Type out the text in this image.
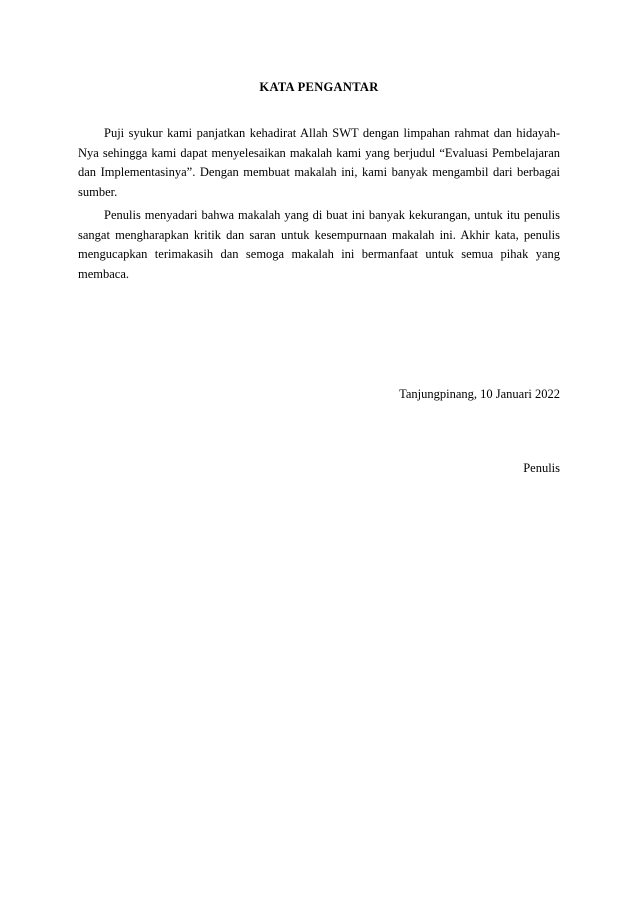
KATA PENGANTAR

Puji syukur kami panjatkan kehadirat Allah SWT dengan limpahan rahmat dan hidayah-Nya sehingga kami dapat menyelesaikan makalah kami yang berjudul “Evaluasi Pembelajaran dan Implementasinya”. Dengan membuat makalah ini, kami banyak mengambil dari berbagai sumber.

Penulis menyadari bahwa makalah yang di buat ini banyak kekurangan, untuk itu penulis sangat mengharapkan kritik dan saran untuk kesempurnaan makalah ini. Akhir kata, penulis mengucapkan terimakasih dan semoga makalah ini bermanfaat untuk semua pihak yang membaca.

Tanjungpinang, 10 Januari 2022
Penulis
